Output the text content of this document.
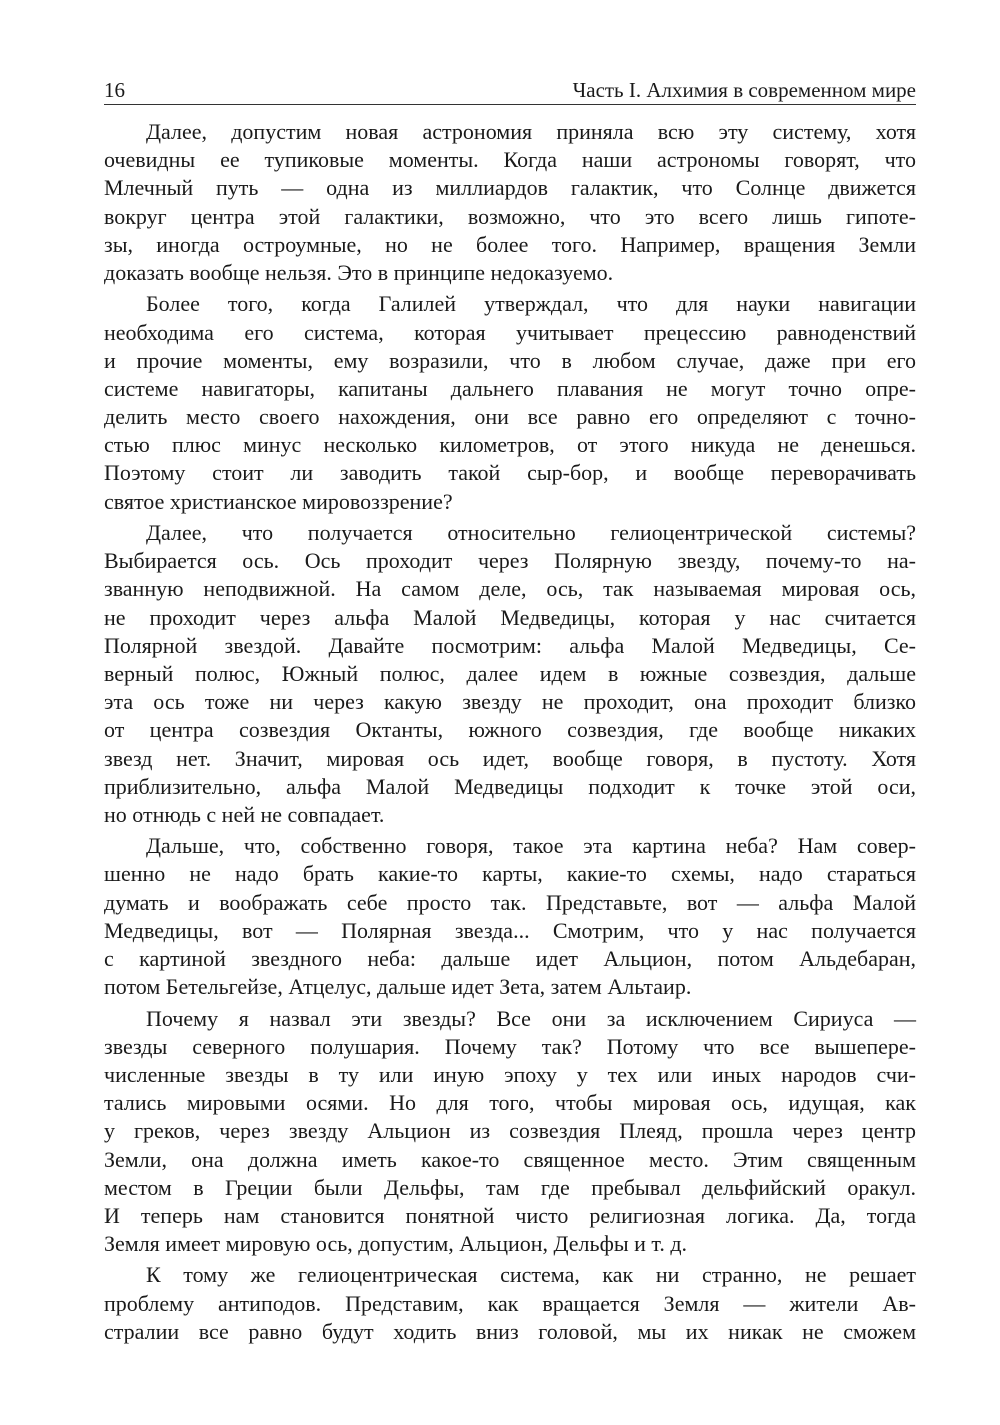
16	Часть I. Алхимия в современном мире
Далее, допустим новая астрономия приняла всю эту систему, хотя
очевидны ее тупиковые моменты. Когда наши астрономы говорят, что
Млечный путь — одна из миллиардов галактик, что Солнце движется
вокруг центра этой галактики, возможно, что это всего лишь гипоте-
зы, иногда остроумные, но не более того. Например, вращения Земли
доказать вообще нельзя. Это в принципе недоказуемо.
Более того, когда Галилей утверждал, что для науки навигации
необходима его система, которая учитывает прецессию равноденствий
и прочие моменты, ему возразили, что в любом случае, даже при его
системе навигаторы, капитаны дальнего плавания не могут точно опре-
делить место своего нахождения, они все равно его определяют с точно-
стью плюс минус несколько километров, от этого никуда не денешься.
Поэтому стоит ли заводить такой сыр-бор, и вообще переворачивать
святое христианское мировоззрение?
Далее, что получается относительно гелиоцентрической системы?
Выбирается ось. Ось проходит через Полярную звезду, почему-то на-
званную неподвижной. На самом деле, ось, так называемая мировая ось,
не проходит через альфа Малой Медведицы, которая у нас считается
Полярной звездой. Давайте посмотрим: альфа Малой Медведицы, Се-
верный полюс, Южный полюс, далее идем в южные созвездия, дальше
эта ось тоже ни через какую звезду не проходит, она проходит близко
от центра созвездия Октанты, южного созвездия, где вообще никаких
звезд нет. Значит, мировая ось идет, вообще говоря, в пустоту. Хотя
приблизительно, альфа Малой Медведицы подходит к точке этой оси,
но отнюдь с ней не совпадает.
Дальше, что, собственно говоря, такое эта картина неба? Нам совер-
шенно не надо брать какие-то карты, какие-то схемы, надо стараться
думать и воображать себе просто так. Представьте, вот — альфа Малой
Медведицы, вот — Полярная звезда... Смотрим, что у нас получается
с картиной звездного неба: дальше идет Альцион, потом Альдебаран,
потом Бетельгейзе, Атцелус, дальше идет Зета, затем Альтаир.
Почему я назвал эти звезды? Все они за исключением Сириуса —
звезды северного полушария. Почему так? Потому что все вышепере-
численные звезды в ту или иную эпоху у тех или иных народов счи-
тались мировыми осями. Но для того, чтобы мировая ось, идущая, как
у греков, через звезду Альцион из созвездия Плеяд, прошла через центр
Земли, она должна иметь какое-то священное место. Этим священным
местом в Греции были Дельфы, там где пребывал дельфийский оракул.
И теперь нам становится понятной чисто религиозная логика. Да, тогда
Земля имеет мировую ось, допустим, Альцион, Дельфы и т. д.
К тому же гелиоцентрическая система, как ни странно, не решает
проблему антиподов. Представим, как вращается Земля — жители Ав-
стралии все равно будут ходить вниз головой, мы их никак не сможем
